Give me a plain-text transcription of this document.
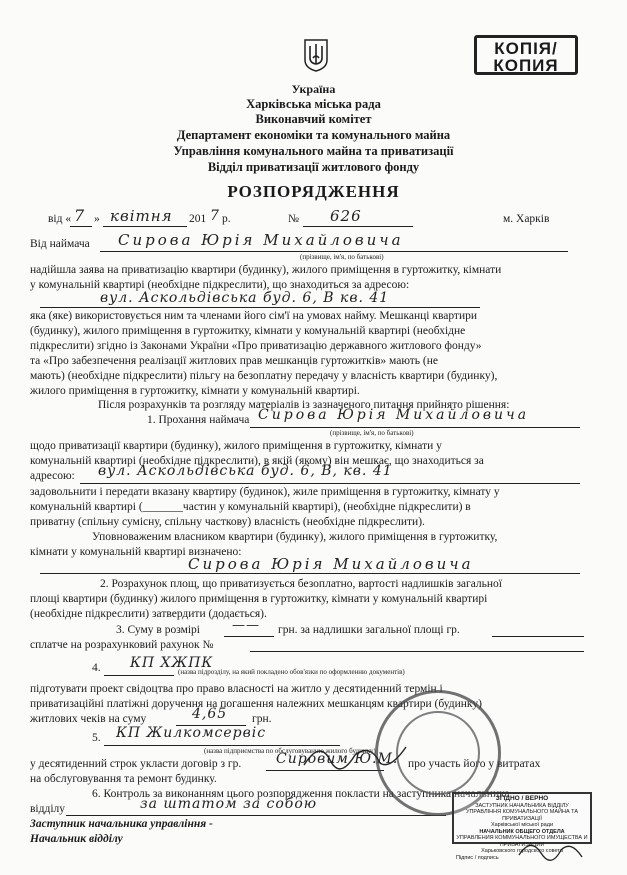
КОПІЯ/
КОПИЯ
Україна
Харківська міська рада
Виконавчий комітет
Департамент економіки та комунального майна
Управління комунального майна та приватизації
Відділ приватизації житлового фонду
РОЗПОРЯДЖЕННЯ
від « 7 » квітня 201 7 р.	№ 626	м. Харків
Від наймача Сирова Юрія Михайловича
(прізвище, ім'я, по батькові)
надійшла заява на приватизацію квартири (будинку), жилого приміщення в гуртожитку, кімнати
у комунальній квартирі (необхідне підкреслити), що знаходиться за адресою:
вул. Аскольдівська буд. 6, В кв. 41
яка (яке) використовується ним та членами його сім'ї на умовах найму. Мешканці квартири
(будинку), жилого приміщення в гуртожитку, кімнати у комунальній квартирі (необхідне
підкреслити) згідно із Законами України «Про приватизацію державного житлового фонду»
та «Про забезпечення реалізації житлових прав мешканців гуртожитків» мають (не
мають) (необхідне підкреслити) пільгу на безоплатну передачу у власність квартири (будинку),
жилого приміщення в гуртожитку, кімнати у комунальній квартирі.
Після розрахунків та розгляду матеріалів із зазначеного питання прийнято рішення:
1. Прохання наймача Сирова Юрія Михайловича
(прізвище, ім'я, по батькові)
щодо приватизації квартири (будинку), жилого приміщення в гуртожитку, кімнати у
комунальній квартирі (необхідне підкреслити), в якій (якому) він мешкає, що знаходиться за
адресою: вул. Аскольдівська буд. 6, В, кв. 41
задовольнити і передати вказану квартиру (будинок), жиле приміщення в гуртожитку, кімнату у
комунальній квартирі (_______частин у комунальній квартирі), (необхідне підкреслити) в
приватну (спільну сумісну, спільну часткову) власність (необхідне підкреслити).
Уповноваженим власником квартири (будинку), жилого приміщення в гуртожитку,
кімнати у комунальній квартирі визначено:
Сирова Юрія Михайловича
2. Розрахунок площ, що приватизується безоплатно, вартості надлишків загальної
площі квартири (будинку) жилого приміщення в гуртожитку, кімнати у комунальній квартирі
(необхідне підкреслити) затвердити (додається).
3. Суму в розмірі —— грн. за надлишки загальної площі гр.
сплатче на розрахунковий рахунок №
4. КП ХЖПК
(назва підрозділу, на який покладено обов'язки по оформленню документів)
підготувати проект свідоцтва про право власності на житло у десятиденний термін і
приватизаційні платіжні доручення на погашення належних мешканцям квартири (будинку)
житлових чеків на суму	4,65 грн.
5. КП Жилкомсервіс
(назва підприємства по обслуговуванню жилого будинку)
у десятиденний строк укласти договір з гр. Сировим Ю.М. про участь його у витратах
на обслуговування та ремонт будинку.
6. Контроль за виконанням цього розпорядження покласти на заступника начальника
відділу	за штатом за собою
Заступник начальника управління -
Начальник відділу
ЗГІДНО / ВЕРНО
ЗАСТУПНИК НАЧАЛЬНИКА ВІДДІЛУ
УПРАВЛІННЯ КОМУНАЛЬНОГО МАЙНА ТА ПРИВАТИЗАЦІЇ
Харківської міської ради
НАЧАЛЬНИК ОБЩЕГО ОТДЕЛА
УПРАВЛЕНИЯ КОММУНАЛЬНОГО ИМУЩЕСТВА И ПРИВАТИЗАЦИИ
Харьковского городского совета
Підпис / подпись
